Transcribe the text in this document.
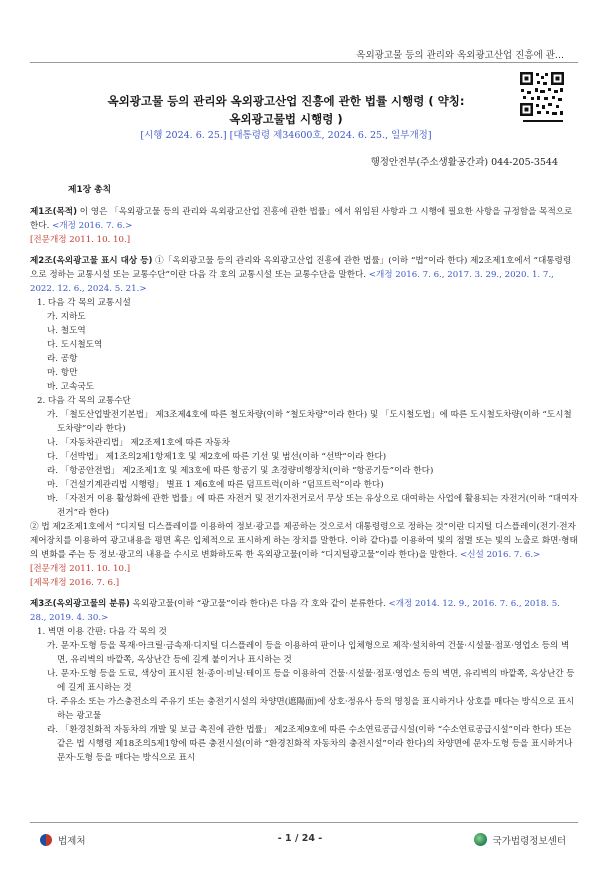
옥외광고물 등의 관리와 옥외광고산업 진흥에 관...
옥외광고물 등의 관리와 옥외광고산업 진흥에 관한 법률 시행령 ( 약칭:
옥외광고물법 시행령 )
[시행 2024. 6. 25.] [대통령령 제34600호, 2024. 6. 25., 일부개정]
행정안전부(주소생활공간과) 044-205-3544

제1장 총칙

제1조(목적) 이 영은 「옥외광고물 등의 관리와 옥외광고산업 진흥에 관한 법률」에서 위임된 사항과 그 시행에 필요한 사항을 규정함을 목적으로 한다. <개정 2016. 7. 6.>

[전문개정 2011. 10. 10.]

제2조(옥외광고물 표시 대상 등) ①「옥외광고물 등의 관리와 옥외광고산업 진흥에 관한 법률」(이하 “법”이라 한다) 제2조제1호에서 “대통령령으로 정하는 교통시설 또는 교통수단”이란 다음 각 호의 교통시설 또는 교통수단을 말한다. <개정 2016. 7. 6., 2017. 3. 29., 2020. 1. 7., 2022. 12. 6., 2024. 5. 21.>

1. 다음 각 목의 교통시설

가. 지하도

나. 철도역

다. 도시철도역

라. 공항

마. 항만

바. 고속국도

2. 다음 각 목의 교통수단

가. 「철도산업발전기본법」 제3조제4호에 따른 철도차량(이하 “철도차량”이라 한다) 및 「도시철도법」에 따른 도시철도차량(이하 “도시철도차량”이라 한다)

나. 「자동차관리법」 제2조제1호에 따른 자동차

다. 「선박법」 제1조의2제1항제1호 및 제2호에 따른 기선 및 범선(이하 “선박”이라 한다)

라. 「항공안전법」 제2조제1호 및 제3호에 따른 항공기 및 초경량비행장치(이하 “항공기등”이라 한다)

마. 「건설기계관리법 시행령」 별표 1 제6호에 따른 덤프트럭(이하 “덤프트럭”이라 한다)

바. 「자전거 이용 활성화에 관한 법률」에 따른 자전거 및 전기자전거로서 무상 또는 유상으로 대여하는 사업에 활용되는 자전거(이하 “대여자전거”라 한다)

② 법 제2조제1호에서 “디지털 디스플레이를 이용하여 정보·광고를 제공하는 것으로서 대통령령으로 정하는 것”이란 디지털 디스플레이(전기·전자제어장치를 이용하여 광고내용을 평면 혹은 입체적으로 표시하게 하는 장치를 말한다. 이하 같다)를 이용하여 빛의 점멸 또는 빛의 노출로 화면·형태의 변화를 주는 등 정보·광고의 내용을 수시로 변화하도록 한 옥외광고물(이하 “디지털광고물”이라 한다)을 말한다. <신설 2016. 7. 6.>

[전문개정 2011. 10. 10.]

[제목개정 2016. 7. 6.]

제3조(옥외광고물의 분류) 옥외광고물(이하 “광고물”이라 한다)은 다음 각 호와 같이 분류한다. <개정 2014. 12. 9., 2016. 7. 6., 2018. 5. 28., 2019. 4. 30.>

1. 벽면 이용 간판: 다음 각 목의 것

가. 문자·도형 등을 목재·아크릴·금속재·디지털 디스플레이 등을 이용하여 판이나 입체형으로 제작·설치하여 건물·시설물·점포·영업소 등의 벽면, 유리벽의 바깥쪽, 옥상난간 등에 길게 붙이거나 표시하는 것

나. 문자·도형 등을 도료, 색상이 표시된 천·종이·비닐·테이프 등을 이용하여 건물·시설물·점포·영업소 등의 벽면, 유리벽의 바깥쪽, 옥상난간 등에 길게 표시하는 것

다. 주유소 또는 가스충전소의 주유기 또는 충전기시설의 차양면(遮陽面)에 상호·정유사 등의 명칭을 표시하거나 상호를 매다는 방식으로 표시하는 광고물

라. 「환경친화적 자동차의 개발 및 보급 촉진에 관한 법률」 제2조제9호에 따른 수소연료공급시설(이하 “수소연료공급시설”이라 한다) 또는 같은 법 시행령 제18조의5제1항에 따른 충전시설(이하 “환경친화적 자동차의 충전시설”이라 한다)의 차양면에 문자·도형 등을 표시하거나 문자·도형 등을 매다는 방식으로 표시

법제처	- 1 / 24 -	국가법령정보센터
